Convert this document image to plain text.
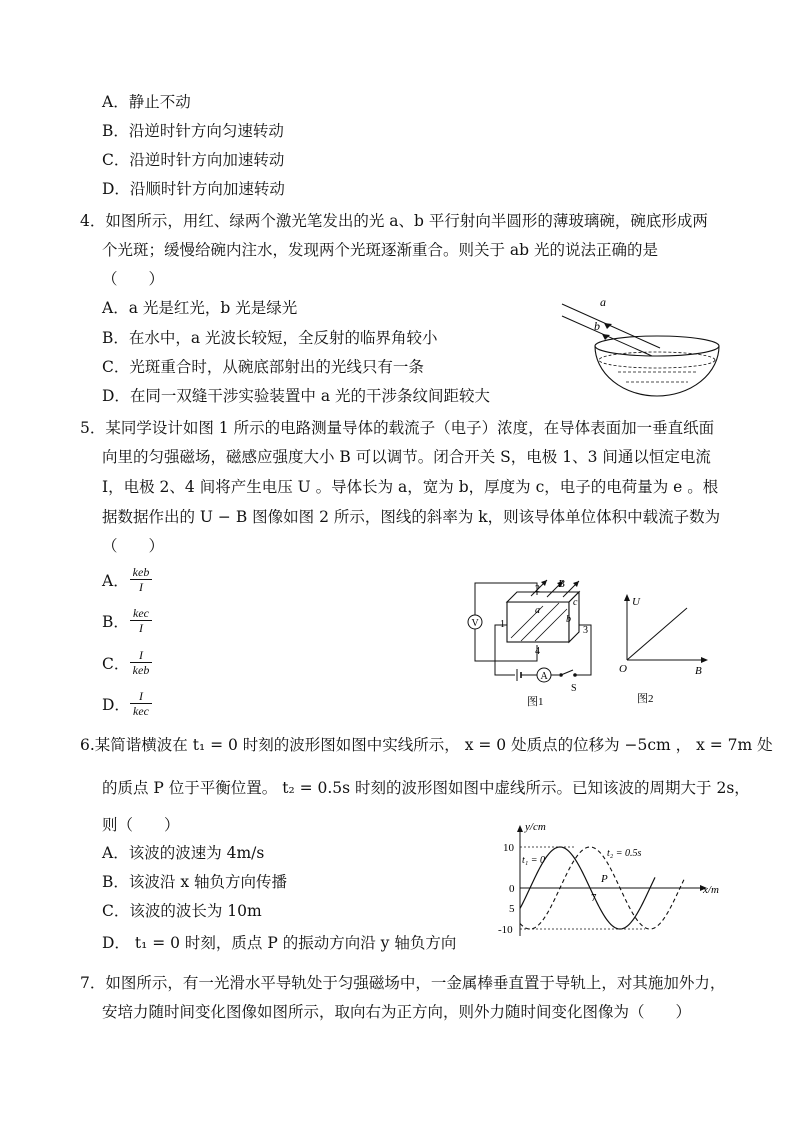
A．静止不动
B．沿逆时针方向匀速转动
C．沿逆时针方向加速转动
D．沿顺时针方向加速转动
4．如图所示，用红、绿两个激光笔发出的光 a、b 平行射向半圆形的薄玻璃碗，碗底形成两
个光斑；缓慢给碗内注水，发现两个光斑逐渐重合。则关于 ab 光的说法正确的是
（　　）
A．a 光是红光，b 光是绿光
B．在水中，a 光波长较短，全反射的临界角较小
C．光斑重合时，从碗底部射出的光线只有一条
D．在同一双缝干涉实验装置中 a 光的干涉条纹间距较大
5．某同学设计如图 1 所示的电路测量导体的载流子（电子）浓度，在导体表面加一垂直纸面
向里的匀强磁场，磁感应强度大小 B 可以调节。闭合开关 S，电极 1、3 间通以恒定电流
I，电极 2、4 间将产生电压 U 。导体长为 a，宽为 b，厚度为 c，电子的电荷量为 e 。根
据数据作出的 U − B 图像如图 2 所示，图线的斜率为 k，则该导体单位体积中载流子数为
（　　）
A． keb
I
B． kec
I
C． I
keb
D． I
kec
6.某简谐横波在 t₁ = 0 时刻的波形图如图中实线所示， x = 0 处质点的位移为 −5cm ， x = 7m 处
的质点 P 位于平衡位置。 t₂ = 0.5s 时刻的波形图如图中虚线所示。已知该波的周期大于 2s，
则（　　）
A．该波的波速为 4m/s
B．该波沿 x 轴负方向传播
C．该波的波长为 10m
D． t₁ = 0 时刻，质点 P 的振动方向沿 y 轴负方向
7．如图所示，有一光滑水平导轨处于匀强磁场中，一金属棒垂直置于导轨上，对其施加外力，
安培力随时间变化图像如图所示，取向右为正方向，则外力随时间变化图像为（　　）
a
b
B
2
1
3
4
a
b
c
V
A
S
图1
U
B
O
图2
y/cm
x/m
10
5
0
-10
7
P
t₁ = 0
t₂ = 0.5s
